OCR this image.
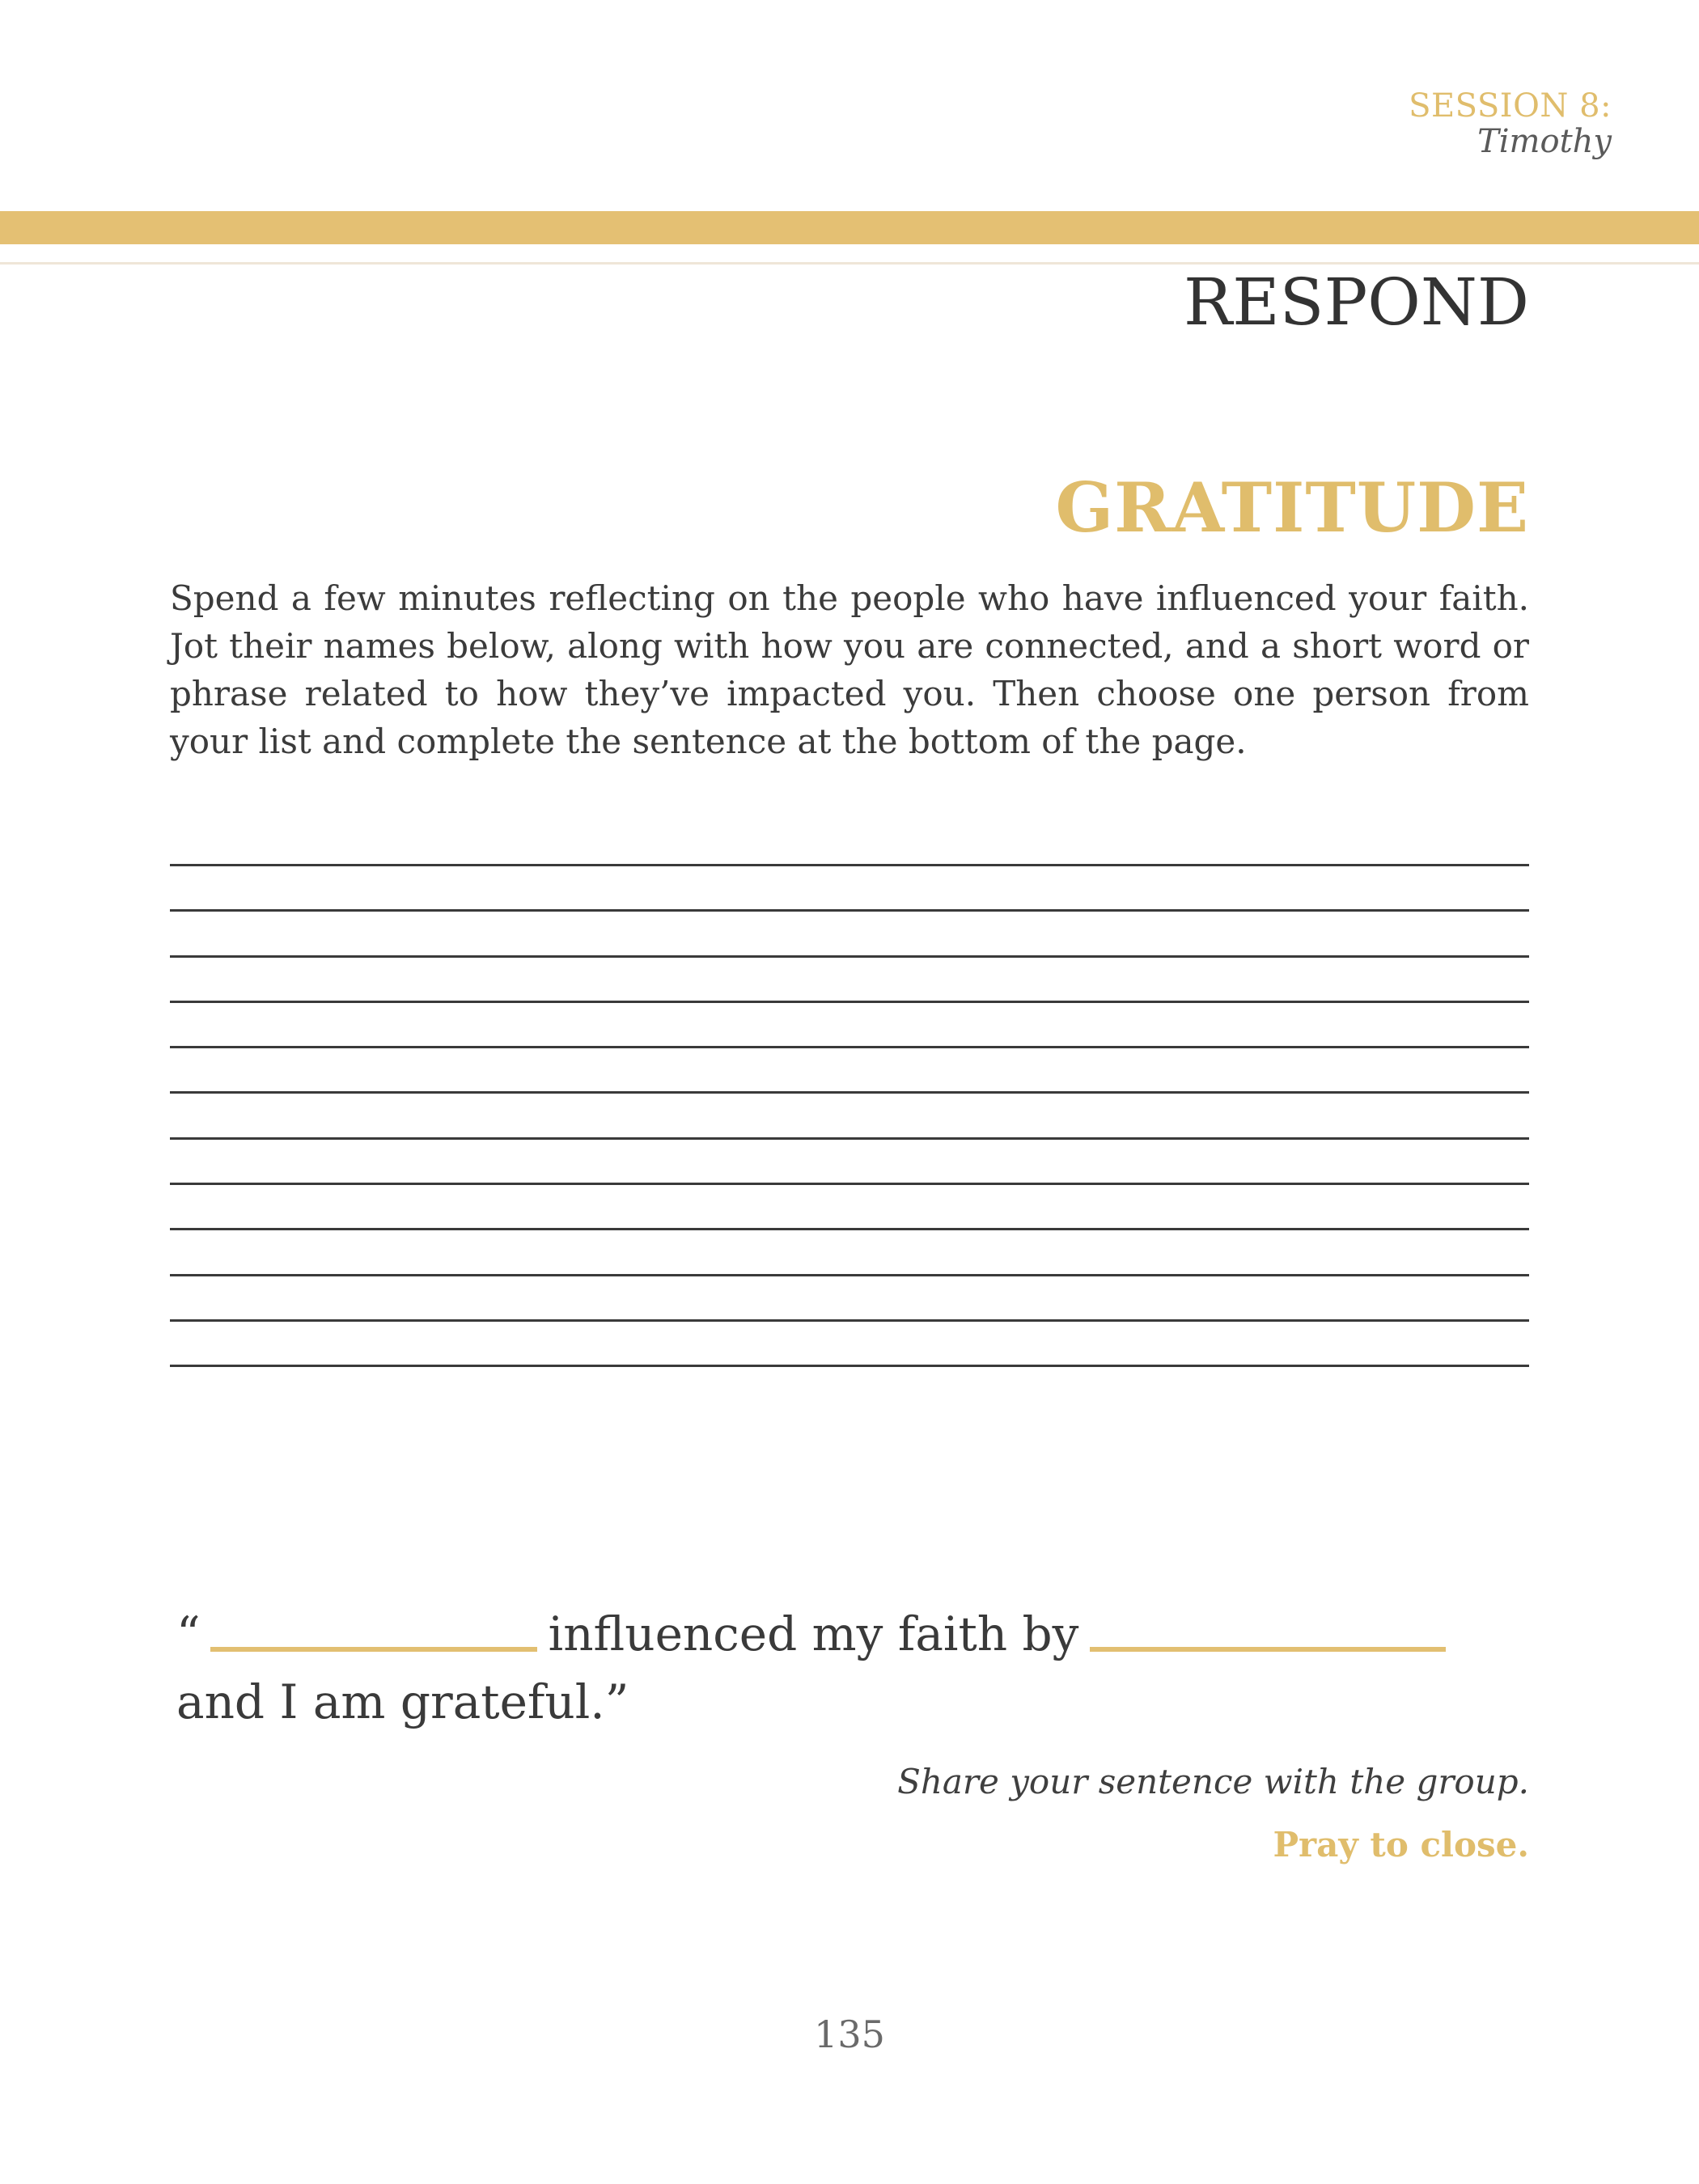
SESSION 8:
Timothy
RESPOND
GRATITUDE

Spend a few minutes reflecting on the people who have influenced your faith. Jot their names below, along with how you are connected, and a short word or phrase related to how they’ve impacted you. Then choose one person from your list and complete the sentence at the bottom of the page.

“	influenced my faith byand I am grateful.”
Share your sentence with the group.
Pray to close.
135
